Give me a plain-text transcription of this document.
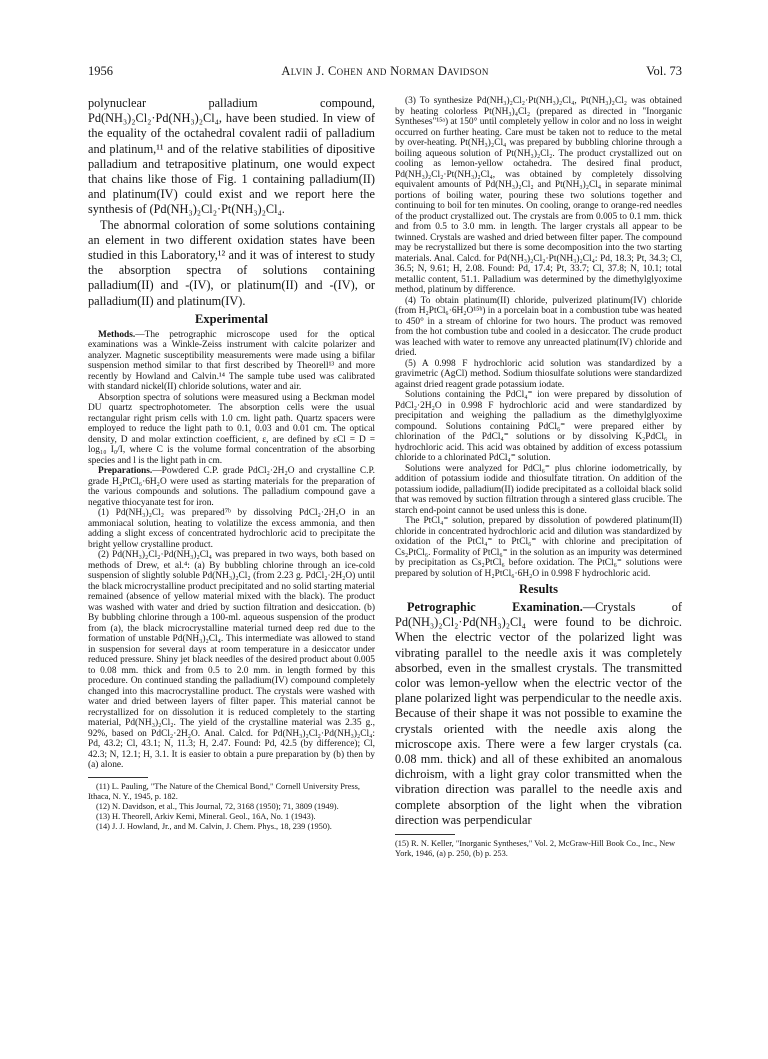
1956	Alvin J. Cohen and Norman Davidson	Vol. 73

polynuclear palladium compound, Pd(NH₃)₂Cl₂·Pd(NH₃)₂Cl₄, have been studied. In view of the equality of the octahedral covalent radii of palladium and platinum,¹¹ and of the relative stabilities of dipositive palladium and tetrapositive platinum, one would expect that chains like those of Fig. 1 containing palladium(II) and platinum(IV) could exist and we report here the synthesis of (Pd(NH₃)₂Cl₂·Pt(NH₃)₂Cl₄.

The abnormal coloration of some solutions containing an element in two different oxidation states have been studied in this Laboratory,¹² and it was of interest to study the absorption spectra of solutions containing palladium(II) and -(IV), or platinum(II) and -(IV), or palladium(II) and platinum(IV).

Experimental

Methods.—The petrographic microscope used for the optical examinations was a Winkle-Zeiss instrument with calcite polarizer and analyzer. Magnetic susceptibility measurements were made using a bifilar suspension method similar to that first described by Theorell¹³ and more recently by Howland and Calvin.¹⁴ The sample tube used was calibrated with standard nickel(II) chloride solutions, water and air.

Absorption spectra of solutions were measured using a Beckman model DU quartz spectrophotometer. The absorption cells were the usual rectangular right prism cells with 1.0 cm. light path. Quartz spacers were employed to reduce the light path to 0.1, 0.03 and 0.01 cm. The optical density, D and molar extinction coefficient, ε, are defined by εCl = D = log₁₀ I₀/I, where C is the volume formal concentration of the absorbing species and l is the light path in cm.

Preparations.—Powdered C.P. grade PdCl₂·2H₂O and crystalline C.P. grade H₂PtCl₆·6H₂O were used as starting materials for the preparation of the various compounds and solutions. The palladium compound gave a negative thiocyanate test for iron.

(1) Pd(NH₃)₂Cl₂ was prepared⁷ᵇ by dissolving PdCl₂·2H₂O in an ammoniacal solution, heating to volatilize the excess ammonia, and then adding a slight excess of concentrated hydrochloric acid to precipitate the bright yellow crystalline product.

(2) Pd(NH₃)₂Cl₂·Pd(NH₃)₂Cl₄ was prepared in two ways, both based on methods of Drew, et al.⁴: (a) By bubbling chlorine through an ice-cold suspension of slightly soluble Pd(NH₃)₂Cl₂ (from 2.23 g. PdCl₂·2H₂O) until the black microcrystalline product precipitated and no solid starting material remained (absence of yellow material mixed with the black). The product was washed with water and dried by suction filtration and desiccation. (b) By bubbling chlorine through a 100-ml. aqueous suspension of the product from (a), the black microcrystalline material turned deep red due to the formation of unstable Pd(NH₃)₂Cl₄. This intermediate was allowed to stand in suspension for several days at room temperature in a desiccator under reduced pressure. Shiny jet black needles of the desired product about 0.005 to 0.08 mm. thick and from 0.5 to 2.0 mm. in length formed by this procedure. On continued standing the palladium(IV) compound completely changed into this macrocrystalline product. The crystals were washed with water and dried between layers of filter paper. This material cannot be recrystallized for on dissolution it is reduced completely to the starting material, Pd(NH₃)₂Cl₂. The yield of the crystalline material was 2.35 g., 92%, based on PdCl₂·2H₂O. Anal. Calcd. for Pd(NH₃)₂Cl₂·Pd(NH₃)₂Cl₄: Pd, 43.2; Cl, 43.1; N, 11.3; H, 2.47. Found: Pd, 42.5 (by difference); Cl, 42.3; N, 12.1; H, 3.1. It is easier to obtain a pure preparation by (b) then by (a) alone.

(11) L. Pauling, "The Nature of the Chemical Bond," Cornell University Press, Ithaca, N. Y., 1945, p. 182.

(12) N. Davidson, et al., This Journal, 72, 3168 (1950); 71, 3809 (1949).

(13) H. Theorell, Arkiv Kemi, Mineral. Geol., 16A, No. 1 (1943).

(14) J. J. Howland, Jr., and M. Calvin, J. Chem. Phys., 18, 239 (1950).

(3) To synthesize Pd(NH₃)₂Cl₂·Pt(NH₃)₂Cl₄, Pt(NH₃)₂Cl₂ was obtained by heating colorless Pt(NH₃)₄Cl₂ (prepared as directed in "Inorganic Syntheses"¹⁵ᵃ) at 150° until completely yellow in color and no loss in weight occurred on further heating. Care must be taken not to reduce to the metal by over-heating. Pt(NH₃)₂Cl₄ was prepared by bubbling chlorine through a boiling aqueous solution of Pt(NH₃)₂Cl₂. The product crystallized out on cooling as lemon-yellow octahedra. The desired final product, Pd(NH₃)₂Cl₂·Pt(NH₃)₂Cl₄, was obtained by completely dissolving equivalent amounts of Pd(NH₃)₂Cl₂ and Pt(NH₃)₂Cl₄ in separate minimal portions of boiling water, pouring these two solutions together and continuing to boil for ten minutes. On cooling, orange to orange-red needles of the product crystallized out. The crystals are from 0.005 to 0.1 mm. thick and from 0.5 to 3.0 mm. in length. The larger crystals all appear to be twinned. Crystals are washed and dried between filter paper. The compound may be recrystallized but there is some decomposition into the two starting materials. Anal. Calcd. for Pd(NH₃)₂Cl₂·Pt(NH₃)₂Cl₄: Pd, 18.3; Pt, 34.3; Cl, 36.5; N, 9.61; H, 2.08. Found: Pd, 17.4; Pt, 33.7; Cl, 37.8; N, 10.1; total metallic content, 51.1. Palladium was determined by the dimethylglyoxime method, platinum by difference.

(4) To obtain platinum(II) chloride, pulverized platinum(IV) chloride (from H₂PtCl₆·6H₂O¹⁵ᵇ) in a porcelain boat in a combustion tube was heated to 450° in a stream of chlorine for two hours. The product was removed from the hot combustion tube and cooled in a desiccator. The crude product was leached with water to remove any unreacted platinum(IV) chloride and dried.

(5) A 0.998 F hydrochloric acid solution was standardized by a gravimetric (AgCl) method. Sodium thiosulfate solutions were standardized against dried reagent grade potassium iodate.

Solutions containing the PdCl₄⁼ ion were prepared by dissolution of PdCl₂·2H₂O in 0.998 F hydrochloric acid and were standardized by precipitation and weighing the palladium as the dimethylglyoxime compound. Solutions containing PdCl₆⁼ were prepared either by chlorination of the PdCl₄⁼ solutions or by dissolving K₂PdCl₆ in hydrochloric acid. This acid was obtained by addition of excess potassium chloride to a chlorinated PdCl₄⁼ solution.

Solutions were analyzed for PdCl₆⁼ plus chlorine iodometrically, by addition of potassium iodide and thiosulfate titration. On addition of the potassium iodide, palladium(II) iodide precipitated as a colloidal black solid that was removed by suction filtration through a sintered glass crucible. The starch end-point cannot be used unless this is done.

The PtCl₄⁼ solution, prepared by dissolution of powdered platinum(II) chloride in concentrated hydrochloric acid and dilution was standardized by oxidation of the PtCl₄⁼ to PtCl₆⁼ with chlorine and precipitation of Cs₂PtCl₆. Formality of PtCl₆⁼ in the solution as an impurity was determined by precipitation as Cs₂PtCl₆ before oxidation. The PtCl₆⁼ solutions were prepared by solution of H₂PtCl₆·6H₂O in 0.998 F hydrochloric acid.

Results

Petrographic Examination.—Crystals of Pd(NH₃)₂Cl₂·Pd(NH₃)₂Cl₄ were found to be dichroic. When the electric vector of the polarized light was vibrating parallel to the needle axis it was completely absorbed, even in the smallest crystals. The transmitted color was lemon-yellow when the electric vector of the plane polarized light was perpendicular to the needle axis. Because of their shape it was not possible to examine the crystals oriented with the needle axis along the microscope axis. There were a few larger crystals (ca. 0.08 mm. thick) and all of these exhibited an anomalous dichroism, with a light gray color transmitted when the vibration direction was parallel to the needle axis and complete absorption of the light when the vibration direction was perpendicular

(15) R. N. Keller, "Inorganic Syntheses," Vol. 2, McGraw-Hill Book Co., Inc., New York, 1946, (a) p. 250, (b) p. 253.
